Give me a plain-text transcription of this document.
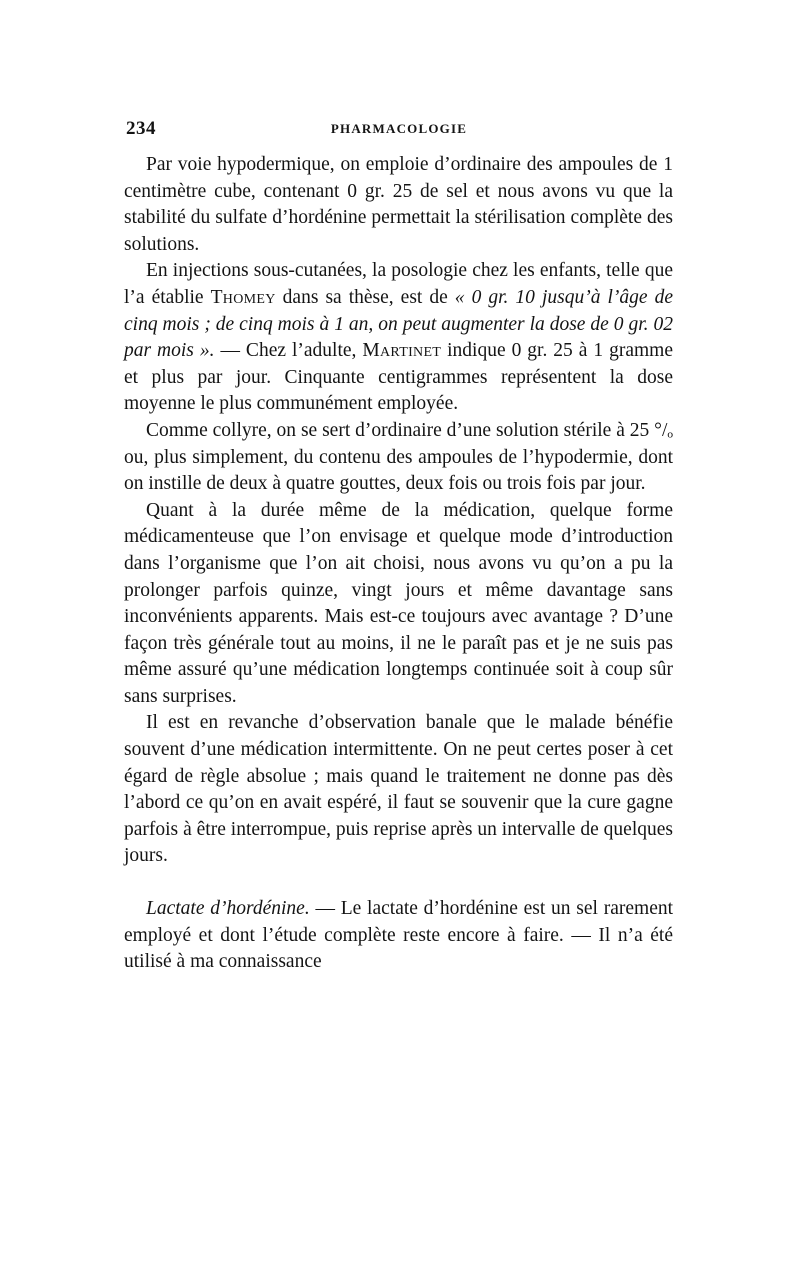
234	PHARMACOLOGIE

Par voie hypodermique, on emploie d’ordinaire des ampoules de 1 centimètre cube, contenant 0 gr. 25 de sel et nous avons vu que la stabilité du sulfate d’hordénine permettait la stérilisation complète des solutions.

En injections sous-cutanées, la posologie chez les enfants, telle que l’a établie Thomey dans sa thèse, est de « 0 gr. 10 jusqu’à l’âge de cinq mois ; de cinq mois à 1 an, on peut augmenter la dose de 0 gr. 02 par mois ». — Chez l’adulte, Martinet indique 0 gr. 25 à 1 gramme et plus par jour. Cinquante centigrammes représentent la dose moyenne le plus communément employée.

Comme collyre, on se sert d’ordinaire d’une solution stérile à 25 °/ₒ ou, plus simplement, du contenu des ampoules de l’hypodermie, dont on instille de deux à quatre gouttes, deux fois ou trois fois par jour.

Quant à la durée même de la médication, quelque forme médicamenteuse que l’on envisage et quelque mode d’introduction dans l’organisme que l’on ait choisi, nous avons vu qu’on a pu la prolonger parfois quinze, vingt jours et même davantage sans inconvénients apparents. Mais est-ce toujours avec avantage ? D’une façon très générale tout au moins, il ne le paraît pas et je ne suis pas même assuré qu’une médication longtemps continuée soit à coup sûr sans surprises.

Il est en revanche d’observation banale que le malade bénéfie souvent d’une médication intermittente. On ne peut certes poser à cet égard de règle absolue ; mais quand le traitement ne donne pas dès l’abord ce qu’on en avait espéré, il faut se souvenir que la cure gagne parfois à être interrompue, puis reprise après un intervalle de quelques jours.

Lactate d’hordénine. — Le lactate d’hordénine est un sel rarement employé et dont l’étude complète reste encore à faire. — Il n’a été utilisé à ma connaissance
